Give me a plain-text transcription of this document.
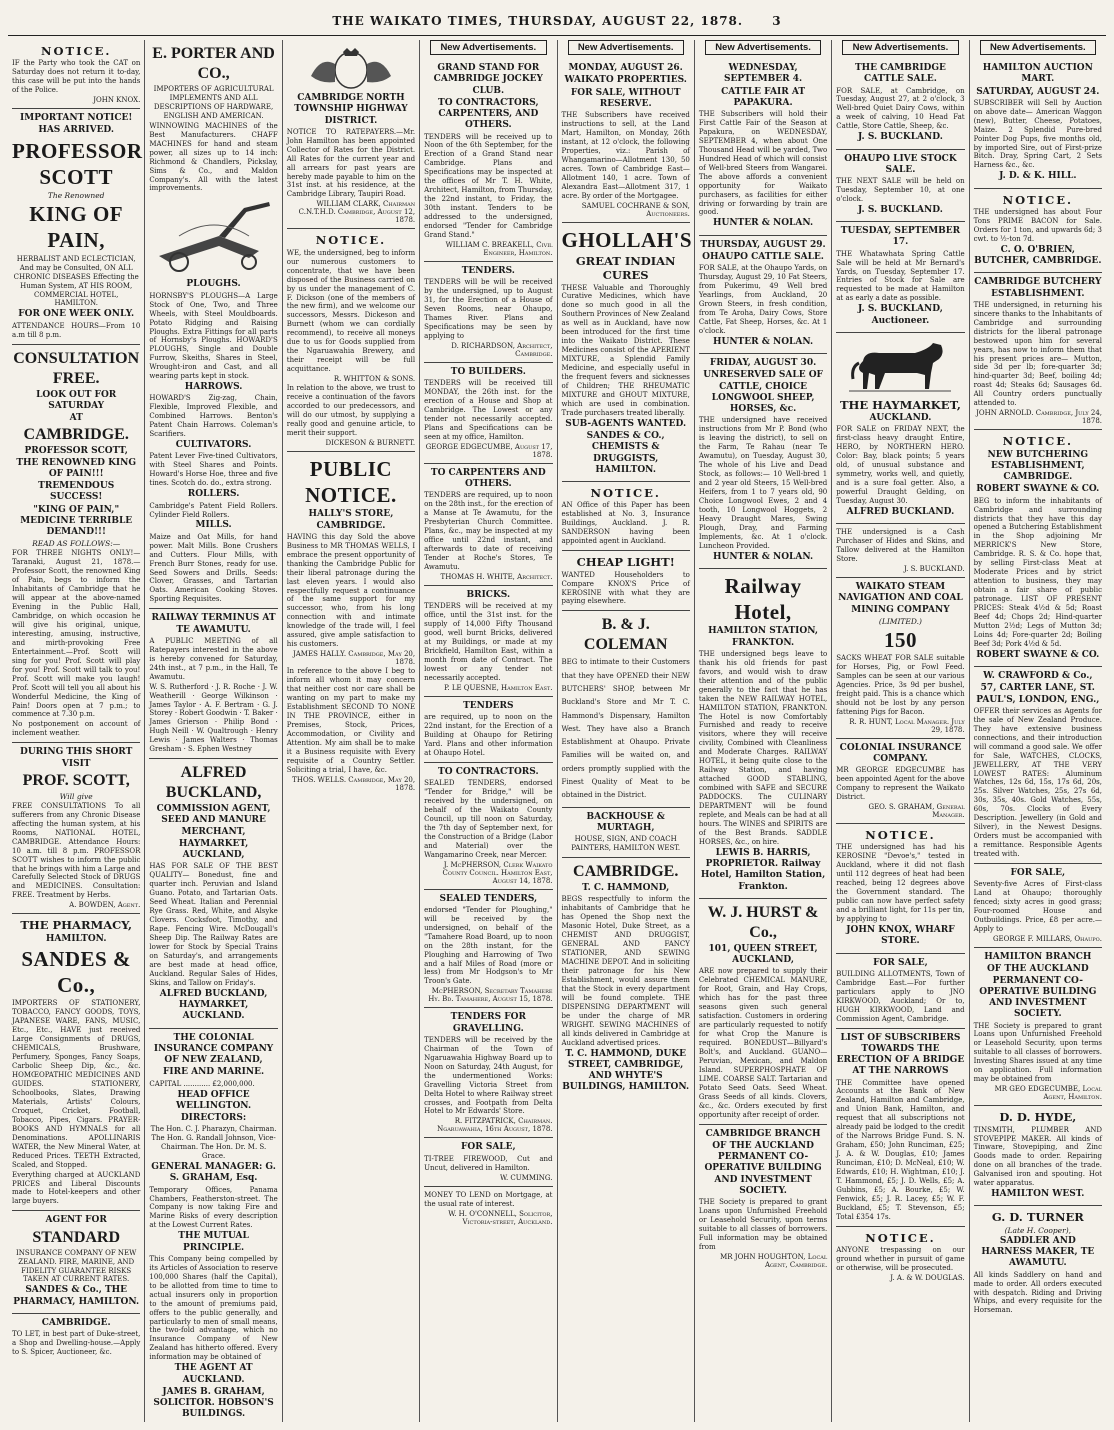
THE WAIKATO TIMES, THURSDAY, AUGUST 22, 1878. 3
NOTICE.
IF the Party who took the CAT on Saturday does not return it to-day, this case will be put into the hands of the Police.
JOHN KNOX.
IMPORTANT NOTICE!
HAS ARRIVED.
PROFESSOR SCOTT
The Renowned
KING OF PAIN,
HERBALIST AND ECLECTICIAN, And may be Consulted, ON ALL CHRONIC DISEASES Effecting the Human System, AT HIS ROOM, COMMERCIAL HOTEL, HAMILTON.
FOR ONE WEEK ONLY.
ATTENDANCE HOURS—From 10 a.m till 8 p.m.
CONSULTATION FREE.
LOOK OUT FOR SATURDAY
AT
CAMBRIDGE.
PROFESSOR SCOTT, THE RENOWNED KING OF PAIN!!!
TREMENDOUS SUCCESS!
"KING OF PAIN," MEDICINE TERRIBLE DEMAND!!!
READ AS FOLLOWS:—
FOR THREE NIGHTS ONLY!— Taranaki, August 21, 1878.—Professor Scott, the renowned King of Pain, begs to inform the Inhabitants of Cambridge that he will appear at the above-named Evening in the Public Hall, Cambridge, on which occasion he will give his original, unique, interesting, amusing, instructive, and mirth-provoking Free Entertainment.—Prof. Scott will sing for you! Prof. Scott will play for you! Prof. Scott will talk to you! Prof. Scott will make you laugh! Prof. Scott will tell you all about his Wonderful Medicine, the King of Pain! Doors open at 7 p.m.; to commence at 7.30 p.m.
No postponement on account of inclement weather.
DURING THIS SHORT VISIT
PROF. SCOTT,
Will give
FREE CONSULTATIONS To all sufferers from any Chronic Disease affecting the human system, at his Rooms, NATIONAL HOTEL, CAMBRIDGE. Attendance Hours: 10 a.m. till 8 p.m. PROFESSOR SCOTT wishes to inform the public that he brings with him a Large and Carefully Selected Stock of DRUGS and MEDICINES. Consultation: FREE. Treatment by Herbs.
A. BOWDEN, Agent.
THE PHARMACY,
HAMILTON.
SANDES & Co.,
IMPORTERS OF STATIONERY, TOBACCO, FANCY GOODS, TOYS, JAPANESE WARE, FANS, MUSIC, Etc., Etc., HAVE just received Large Consignments of DRUGS, CHEMICALS, Brushware, Perfumery, Sponges, Fancy Soaps, Carbolic Sheep Dip, &c., &c. HOMŒOPATHIC MEDICINES AND GUIDES. STATIONERY, Schoolbooks, Slates, Drawing Materials, Artists' Colours, Croquet, Cricket, Football, Tobacco, Pipes, Cigars. PRAYER-BOOKS AND HYMNALS for all Denominations. APOLLINARIS WATER, the New Mineral Water, at Reduced Prices. TEETH Extracted, Scaled, and Stopped.
Everything charged at AUCKLAND PRICES and Liberal Discounts made to Hotel-keepers and other large buyers.
AGENT FOR
STANDARD
INSURANCE COMPANY OF NEW ZEALAND. FIRE, MARINE, AND FIDELITY GUARANTEE RISKS TAKEN AT CURRENT RATES.
SANDES & Co., THE PHARMACY, HAMILTON.
CAMBRIDGE.
TO LET, in best part of Duke-street, a Shop and Dwelling-house.—Apply to S. Spicer, Auctioneer, &c.
E. PORTER AND CO.,
IMPORTERS OF AGRICULTURAL IMPLEMENTS AND ALL DESCRIPTIONS OF HARDWARE, ENGLISH AND AMERICAN.
WINNOWING MACHINES of the Best Manufacturers. CHAFF MACHINES for hand and steam power, all sizes up to 14 inch: Richmond & Chandlers, Pickslay, Sims & Co., and Maldon Company's. All with the latest improvements.
PLOUGHS.
HORNSBY'S PLOUGHS—A Large Stock of One, Two, and Three Wheels, with Steel Mouldboards. Potato Ridging and Raising Ploughs. Extra Fittings for all parts of Hornsby's Ploughs. HOWARD'S PLOUGHS, Single and Double Furrow, Skeiths, Shares in Steel, Wrought-iron and Cast, and all wearing parts kept in stock.
HARROWS.
HOWARD'S Zig-zag, Chain, Flexible, Improved Flexible, and Combined Harrows. Benton's Patent Chain Harrows. Coleman's Scarifiers.
CULTIVATORS.
Patent Lever Five-tined Cultivators, with Steel Shares and Points. Howard's Horse Hoe, three and five tines. Scotch do. do., extra strong.
ROLLERS.
Cambridge's Patent Field Rollers. Cylinder Field Rollers.
MILLS.
Maize and Oat Mills, for hand power. Malt Mills. Bone Crushers and Cutters. Flour Mills, with French Burr Stones, ready for use. Seed Sowers and Drills. Seeds: Clover, Grasses, and Tartarian Oats. American Cooking Stoves. Sporting Requisites.
RAILWAY TERMINUS AT TE AWAMUTU.
A PUBLIC MEETING of all Ratepayers interested in the above is hereby convened for Saturday, 24th inst., at 7 p.m., in the Hall, Te Awamutu.
W. S. Rutherford · J. R. Roche · J. W. Weatherill · George Wilkinson · James Taylor · A. F. Bertram · G. J. Storey · Robert Goodwin · T. Baker · James Grierson · Philip Bond · Hugh Neill · W. Qualtrough · Henry Lewis · James Walters · Thomas Gresham · S. Ephen Westney
ALFRED BUCKLAND,
COMMISSION AGENT, SEED AND MANURE MERCHANT,
HAYMARKET, AUCKLAND,
HAS FOR SALE OF THE BEST QUALITY— Bonedust, fine and quarter inch. Peruvian and Island Guano. Potato, and Tartarian Oats. Seed Wheat. Italian and Perennial Rye Grass. Red, White, and Alsyke Clovers. Cocksfoot, Timothy, and Rape. Fencing Wire. McDougall's Sheep Dip. The Railway Rates are lower for Stock by Special Trains on Saturday's, and arrangements are best made at head office, Auckland. Regular Sales of Hides, Skins, and Tallow on Friday's.
ALFRED BUCKLAND, HAYMARKET, AUCKLAND.
THE COLONIAL INSURANCE COMPANY OF NEW ZEALAND,
FIRE AND MARINE.
CAPITAL ............ £2,000,000.
HEAD OFFICE WELLINGTON.
DIRECTORS:
The Hon. C. J. Pharazyn, Chairman. The Hon. G. Randall Johnson, Vice-Chairman. The Hon. Dr. M. S. Grace.
GENERAL MANAGER: G. S. GRAHAM, Esq.
Temporary Offices, Panama Chambers, Featherston-street. The Company is now taking Fire and Marine Risks of every description at the Lowest Current Rates.
THE MUTUAL PRINCIPLE.
This Company being compelled by its Articles of Association to reserve 100,000 Shares (half the Capital), to be allotted from time to time to actual insurers only in proportion to the amount of premiums paid, offers to the public generally, and particularly to men of small means, the two-fold advantage, which no Insurance Company of New Zealand has hitherto offered. Every information may be obtained of
THE AGENT AT AUCKLAND.
JAMES B. GRAHAM, SOLICITOR. HOBSON'S BUILDINGS.
CAMBRIDGE NORTH TOWNSHIP HIGHWAY DISTRICT.
NOTICE TO RATEPAYERS.—Mr. John Hamilton has been appointed Collector of Rates for the District. All Rates for the current year and all arrears for past years are hereby made payable to him on the 31st inst. at his residence, at the Cambridge Library, Taupiri Road.
WILLIAM CLARK, Chairman C.N.T.H.D. Cambridge, August 12, 1878.
NOTICE.
WE, the undersigned, beg to inform our numerous customers to concentrate, that we have been disposed of the Business carried on by us under the management of C. F. Dickson (one of the members of the new firm), and we welcome our successors, Messrs. Dickeson and Burnett (whom we can cordially recommend), to receive all moneys due to us for Goods supplied from the Ngaruawahia Brewery, and their receipt will be full acquittance.
R. WHITTON & SONS.
In relation to the above, we trust to receive a continuation of the favors accorded to our predecessors, and will do our utmost, by supplying a really good and genuine article, to merit their support.
DICKESON & BURNETT.
PUBLIC NOTICE.
HALLY'S STORE, CAMBRIDGE.
HAVING this day Sold the above Business to MR THOMAS WELLS, I embrace the present opportunity of thanking the Cambridge Public for their liberal patronage during the last eleven years. I would also respectfully request a continuance of the same support for my successor, who, from his long connection with and intimate knowledge of the trade will, I feel assured, give ample satisfaction to his customers.
JAMES HALLY. Cambridge, May 20, 1878.
In reference to the above I beg to inform all whom it may concern that neither cost nor care shall be wanting on my part to make my Establishment SECOND TO NONE IN THE PROVINCE, either in Premises, Stock, Prices, Accommodation, or Civility and Attention. My aim shall be to make it a Business requisite with Every requisite of a Country Settler. Soliciting a trial, I have, &c.
THOS. WELLS. Cambridge, May 20, 1878.
New Advertisements.
GRAND STAND FOR CAMBRIDGE JOCKEY CLUB.
TO CONTRACTORS, CARPENTERS, AND OTHERS.
TENDERS will be received up to Noon of the 6th September, for the Erection of a Grand Stand near Cambridge. Plans and Specifications may be inspected at the offices of Mr T. H. White, Architect, Hamilton, from Thursday, the 22nd instant, to Friday, the 30th instant. Tenders to be addressed to the undersigned, endorsed "Tender for Cambridge Grand Stand."
WILLIAM C. BREAKELL, Civil Engineer, Hamilton.
TENDERS.
TENDERS will be will be received by the undersigned, up to August 31, for the Erection of a House of Seven Rooms, near Ohaupo, Thames River. Plans and Specifications may be seen by applying to
D. RICHARDSON, Architect, Cambridge.
TO BUILDERS.
TENDERS will be received till MONDAY, the 26th inst. for the erection of a House and Shop at Cambridge. The Lowest or any tender not necessarily accepted. Plans and Specifications can be seen at my office, Hamilton.
GEORGE EDGECUMBE, August 17, 1878.
TO CARPENTERS AND OTHERS.
TENDERS are required, up to noon on the 28th inst., for the erection of a Manse at Te Awamutu, for the Presbyterian Church Committee. Plans, &c., may be inspected at my office until 22nd instant, and afterwards to date of receiving Tender at Roche's Stores, Te Awamutu.
THOMAS H. WHITE, Architect.
BRICKS.
TENDERS will be received at my office, until the 31st inst. for the supply of 14,000 Fifty Thousand good, well burnt Bricks, delivered at my Buildings, or made at my Brickfield, Hamilton East, within a month from date of Contract. The lowest or any tender not necessarily accepted.
P. LE QUESNE, Hamilton East.
TENDERS
are required, up to noon on the 22nd instant, for the Erection of a Building at Ohaupo for Retiring Yard. Plans and other information at Ohaupo Hotel.
TO CONTRACTORS.
SEALED TENDERS, endorsed "Tender for Bridge," will be received by the undersigned, on behalf of the Waikato County Council, up till noon on Saturday, the 7th day of September next, for the Construction of a Bridge (Labor and Material) over the Wangamarino Creek, near Mercer.
J. McPHERSON, Clerk Waikato County Council. Hamilton East, August 14, 1878.
SEALED TENDERS,
endorsed "Tender for Ploughing," will be received by the undersigned, on behalf of the "Tamahere Road Board, up to noon on the 28th instant, for the Ploughing and Harrowing of Two and a half Miles of Road (more or less) from Mr Hodgson's to Mr Troon's Gate.
McPHERSON, Secretary Tamahere Hy. Bd. Tamahere, August 15, 1878.
TENDERS FOR GRAVELLING.
TENDERS will be received by the Chairman of the Town of Ngaruawahia Highway Board up to Noon on Saturday, 24th August, for the undermentioned Works: Gravelling Victoria Street from Delta Hotel to where Railway street crosses, and Footpath from Delta Hotel to Mr Edwards' Store.
R. FITZPATRICK, Chairman. Ngaruawahia, 16th August, 1878.
FOR SALE,
TI-TREE FIREWOOD, Cut and Uncut, delivered in Hamilton.
W. CUMMING.
MONEY TO LEND on Mortgage, at the usual rate of interest.
W. H. O'CONNELL, Solicitor, Victoria-street, Auckland.
New Advertisements.
MONDAY, AUGUST 26.
WAIKATO PROPERTIES.
FOR SALE, WITHOUT RESERVE.
THE Subscribers have received instructions to sell, at the Land Mart, Hamilton, on Monday, 26th instant, at 12 o'clock, the following Properties, viz.: Parish of Whangamarino—Allotment 130, 50 acres. Town of Cambridge East—Allotment 140, 1 acre. Town of Alexandra East—Allotment 317, 1 acre. By order of the Mortgagee.
SAMUEL COCHRANE & SON, Auctioneers.
GHOLLAH'S
GREAT INDIAN CURES
THESE Valuable and Thoroughly Curative Medicines, which have done so much good in all the Southern Provinces of New Zealand as well as in Auckland, have now been introduced for the first time into the Waikato District. These Medicines consist of the APERIENT MIXTURE, a Splendid Family Medicine, and especially useful in the frequent fevers and sicknesses of Children; THE RHEUMATIC MIXTURE and GHOUT MIXTURE, which are used in combination. Trade purchasers treated liberally.
SUB-AGENTS WANTED.
SANDES & CO., CHEMISTS & DRUGGISTS, HAMILTON.
NOTICE.
AN Office of this Paper has been established at No. 3, Insurance Buildings, Auckland. J. R. SANDERSON having been appointed agent in Auckland.
CHEAP LIGHT!
WANTED Householders to Compare KNOX'S Price of KEROSINE with what they are paying elsewhere.
B. & J. COLEMAN
BEG to intimate to their Customers that they have OPENED their NEW BUTCHERS' SHOP, between Mr Buckland's Store and Mr T. C. Hammond's Dispensary, Hamilton West. They have also a Branch Establishment at Ohaupo. Private Families will be waited on, and orders promptly supplied with the Finest Quality of Meat to be obtained in the District.
BACKHOUSE & MURTAGH,
HOUSE, SIGN, AND COACH PAINTERS, HAMILTON WEST.
CAMBRIDGE.
T. C. HAMMOND,
BEGS respectfully to inform the inhabitants of Cambridge that he has Opened the Shop next the Masonic Hotel, Duke Street, as a CHEMIST AND DRUGGIST, GENERAL AND FANCY STATIONER, AND SEWING MACHINE DEPOT. And in soliciting their patronage for his New Establishment, would assure them that the Stock in every department will be found complete. THE DISPENSING DEPARTMENT will be under the charge of MR WRIGHT. SEWING MACHINES of all kinds delivered in Cambridge at Auckland advertised prices.
T. C. HAMMOND, DUKE STREET, CAMBRIDGE, AND WHYTE'S BUILDINGS, HAMILTON.
New Advertisements.
WEDNESDAY, SEPTEMBER 4.
CATTLE FAIR AT PAPAKURA.
THE Subscribers will hold their First Cattle Fair of the Season at Papakura, on WEDNESDAY, SEPTEMBER 4, when about One Thousand Head will be yarded, Two Hundred Head of which will consist of Well-bred Steers from Wangarei. The above affords a convenient opportunity for Waikato purchasers, as facilities for either driving or forwarding by train are good.
HUNTER & NOLAN.
THURSDAY, AUGUST 29.
OHAUPO CATTLE SALE.
FOR SALE, at the Ohaupo Yards, on Thursday, August 29, 10 Fat Steers, from Pukerimu, 49 Well bred Yearlings, from Auckland, 20 Grown Steers, in fresh condition, from Te Aroha, Dairy Cows, Store Cattle, Fat Sheep, Horses, &c. At 1 o'clock.
HUNTER & NOLAN.
FRIDAY, AUGUST 30.
UNRESERVED SALE OF CATTLE, CHOICE LONGWOOL SHEEP, HORSES, &c.
THE undersigned have received instructions from Mr P. Bond (who is leaving the district), to sell on the Farm, Te Rahau (near Te Awamutu), on Tuesday, August 30, The whole of his Live and Dead Stock, as follows:— 10 Well-bred 1 and 2 year old Steers, 15 Well-bred Heifers, from 1 to 7 years old, 90 Choice Longwool Ewes, 2 and 4 tooth, 10 Longwool Hoggets, 2 Heavy Draught Mares, Swing Plough, Dray, and Farming Implements, &c. At 1 o'clock. Luncheon Provided.
HUNTER & NOLAN.
Railway Hotel,
HAMILTON STATION, FRANKTON.
THE undersigned begs leave to thank his old friends for past favors, and would wish to draw their attention and of the public generally to the fact that he has taken the NEW RAILWAY HOTEL, HAMILTON STATION, FRANKTON. The Hotel is now Comfortably Furnished and ready to receive visitors, where they will receive civility, Combined with Cleanliness and Moderate Charges. RAILWAY HOTEL, it being quite close to the Railway Station, and having attached GOOD STABLING, combined with SAFE and SECURE PADDOCKS. The CULINARY DEPARTMENT will be found replete, and Meals can be had at all hours. The WINES and SPIRITS are of the Best Brands. SADDLE HORSES, &c., on hire.
LEWIS B. HARRIS, PROPRIETOR. Railway Hotel, Hamilton Station, Frankton.
W. J. HURST & Co.,
101, QUEEN STREET, AUCKLAND,
ARE now prepared to supply their Celebrated CHEMICAL MANURE, for Root, Grain, and Hay Crops, which has for the past three seasons given such general satisfaction. Customers in ordering are particularly requested to notify for what Crop the Manure is required. BONEDUST—Billyard's Bolt's, and Auckland. GUANO—Peruvian, Mexican, and Maldon Island. SUPERPHOSPHATE OF LIME. COARSE SALT. Tartarian and Potato Seed Oats. Seed Wheat. Grass Seeds of all kinds. Clovers, &c., &c. Orders executed by first opportunity after receipt of order.
CAMBRIDGE BRANCH
OF THE AUCKLAND PERMANENT CO-OPERATIVE BUILDING AND INVESTMENT SOCIETY.
THE Society is prepared to grant Loans upon Unfurnished Freehold or Leasehold Security, upon terms suitable to all classes of borrowers. Full information may be obtained from
MR JOHN HOUGHTON, Local Agent, Cambridge.
New Advertisements.
THE CAMBRIDGE CATTLE SALE.
FOR SALE, at Cambridge, on Tuesday, August 27, at 2 o'clock, 3 Well-bred Quiet Dairy Cows, within a week of calving, 10 Head Fat Cattle, Store Cattle, Sheep, &c.
J. S. BUCKLAND.
OHAUPO LIVE STOCK SALE.
THE NEXT SALE will be held on Tuesday, September 10, at one o'clock.
J. S. BUCKLAND.
TUESDAY, SEPTEMBER 17.
THE Whatawhata Spring Cattle Sale will be held at Mr Bernard's Yards, on Tuesday, September 17. Entries of Stock for Sale are requested to be made at Hamilton at as early a date as possible.
J. S. BUCKLAND, Auctioneer.
THE HAYMARKET,
AUCKLAND.
FOR SALE on FRIDAY NEXT, the first-class heavy draught Entire, HERO, by NORTHERN HERO. Color: Bay, black points; 5 years old, of unusual substance and symmetry, works well, and quietly, and is a sure foal getter. Also, a powerful Draught Gelding, on Tuesday, August 30.
ALFRED BUCKLAND.
THE undersigned is a Cash Purchaser of Hides and Skins, and Tallow delivered at the Hamilton Store.
J. S. BUCKLAND.
WAIKATO STEAM NAVIGATION AND COAL MINING COMPANY
(LIMITED.)
150
SACKS WHEAT FOR SALE suitable for Horses, Pig, or Fowl Feed. Samples can be seen at our various Agencies. Price, 3s 9d per bushel, freight paid. This is a chance which should not be lost by any person fattening Pigs for Bacon.
R. R. HUNT, Local Manager. July 29, 1878.
COLONIAL INSURANCE COMPANY.
MR GEORGE EDGECUMBE has been appointed Agent for the above Company to represent the Waikato District.
GEO. S. GRAHAM, General Manager.
NOTICE.
THE undersigned has had his KEROSINE "Devoe's," tested in Auckland, where it did not flash until 112 degrees of heat had been reached, being 12 degrees above the Government standard. The public can now have perfect safety and a brilliant light, for 11s per tin, by applying to
JOHN KNOX, WHARF STORE.
FOR SALE,
BUILDING ALLOTMENTS, Town of Cambridge East.—For further particulars apply to JNO KIRKWOOD, Auckland; Or to, HUGH KIRKWOOD, Land and Commission Agent, Cambridge.
LIST OF SUBSCRIBERS TOWARDS THE ERECTION OF A BRIDGE AT THE NARROWS
THE Committee have opened Accounts at the Bank of New Zealand, Hamilton and Cambridge, and Union Bank, Hamilton, and request that all subscriptions not already paid be lodged to the credit of the Narrows Bridge Fund. S. N. Graham, £50; John Runciman, £25; J. A. & W. Douglas, £10; James Runciman, £10; D. McNeal, £10; W. Edwards, £10; H. Wightman, £10; J. T. Hammond, £5; J. D. Wells, £5; A. Gubbins, £5; A. Bourke, £5; W. Fenwick, £5; J. R. Lacey, £5; W. F. Buckland, £5; T. Stevenson, £5; Total £354 17s.
NOTICE.
ANYONE trespassing on our ground whether in pursuit of game or otherwise, will be prosecuted.
J. A. & W. DOUGLAS.
New Advertisements.
HAMILTON AUCTION MART.
SATURDAY, AUGUST 24.
SUBSCRIBER will Sell by Auction on above date— American Waggon (new), Butter, Cheese, Potatoes, Maize. 2 Splendid Pure-bred Pointer Dog Pups, five months old, by imported Sire, out of First-prize Bitch. Dray, Spring Cart, 2 Sets Harness &c., &c.
J. D. & K. HILL.
NOTICE.
THE undersigned has about Four Tons PRIME BACON for Sale. Orders for 1 ton, and upwards 6d; 3 cwt. to ½-ton 7d.
C. O. O'BRIEN, BUTCHER, CAMBRIDGE.
CAMBRIDGE BUTCHERY ESTABLISHMENT.
THE undersigned, in returning his sincere thanks to the Inhabitants of Cambridge and surrounding districts for the liberal patronage bestowed upon him for several years, has now to inform them that his present prices are— Mutton, side 3d per lb; fore-quarter 3d; hind-quarter 3d; Beef, boiling 4d; roast 4d; Steaks 6d; Sausages 6d. All Country orders punctually attended to.
JOHN ARNOLD. Cambridge, July 24, 1878.
NOTICE.
NEW BUTCHERING ESTABLISHMENT, CAMBRIDGE.
ROBERT SWAYNE & CO.
BEG to inform the inhabitants of Cambridge and surrounding districts that they have this day opened a Butchering Establishment in the Shop adjoining Mr MERRICK'S New Store, Cambridge. R. S. & Co. hope that, by selling First-class Meat at Moderate Prices and by strict attention to business, they may obtain a fair share of public patronage. LIST OF PRESENT PRICES: Steak 4½d & 5d; Roast Beef 4d; Chops 2d; Hind-quarter Mutton 2½d; Legs of Mutton 3d; Loins 4d; Fore-quarter 2d; Boiling Beef 3d; Pork 4½d & 5d.
ROBERT SWAYNE & CO.
W. CRAWFORD & Co.,
57, CARTER LANE, ST. PAUL'S, LONDON, ENG.,
OFFER their services as Agents for the sale of New Zealand Produce. They have extensive business connections, and their introduction will command a good sale. We offer for Sale, WATCHES, CLOCKS, JEWELLERY, AT THE VERY LOWEST RATES: Aluminum Watches, 12s 6d, 15s, 17s 6d, 20s, 25s. Silver Watches, 25s, 27s 6d, 30s, 35s, 40s. Gold Watches, 55s, 60s, 70s. Clocks of Every Description. Jewellery (in Gold and Silver), in the Newest Designs. Orders must be accompanied with a remittance. Responsible Agents treated with.
FOR SALE,
Seventy-five Acres of First-class Land at Ohaupo; thoroughly fenced; sixty acres in good grass; Four-roomed House and Outbuildings. Price, £8 per acre.—Apply to
GEORGE F. MILLARS, Ohaupo.
HAMILTON BRANCH
OF THE AUCKLAND PERMANENT CO-OPERATIVE BUILDING AND INVESTMENT SOCIETY.
THE Society is prepared to grant Loans upon Unfurnished Freehold or Leasehold Security, upon terms suitable to all classes of borrowers. Investing Shares issued at any time on application. Full information may be obtained from
MR GEO EDGECUMBE, Local Agent, Hamilton.
D. D. HYDE,
TINSMITH, PLUMBER AND STOVEPIPE MAKER. All kinds of Tinware, Stovepiping, and Zinc Goods made to order. Repairing done on all branches of the trade. Galvanised iron and spouting. Hot water apparatus.
HAMILTON WEST.
G. D. TURNER
(Late H. Cooper),
SADDLER AND HARNESS MAKER, TE AWAMUTU.
All kinds Saddlery on hand and made to order. All orders executed with despatch. Riding and Driving Whips, and every requisite for the Horseman.
